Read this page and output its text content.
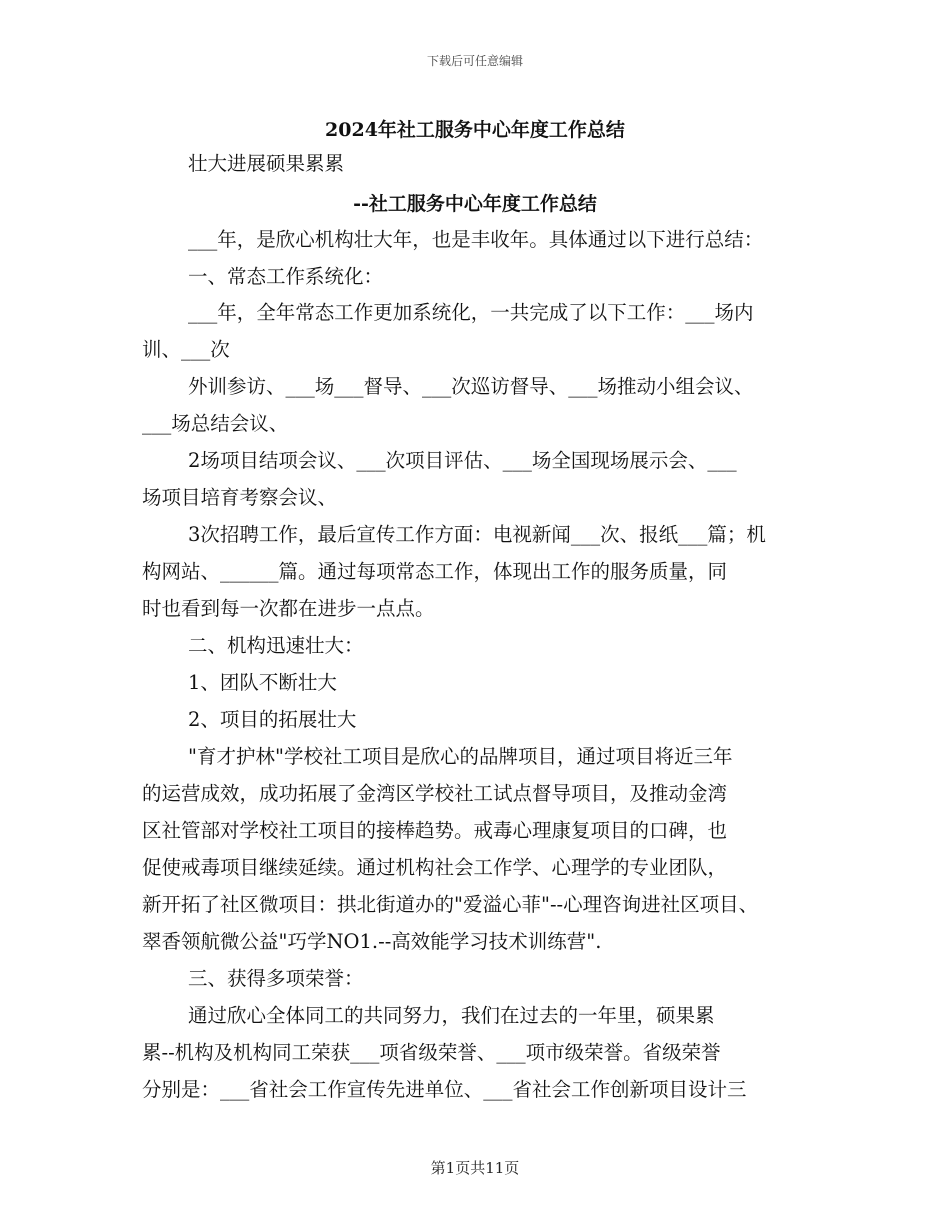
下载后可任意编辑
2024年社工服务中心年度工作总结
壮大进展硕果累累
--社工服务中心年度工作总结
___年，是欣心机构壮大年，也是丰收年。具体通过以下进行总结：
一、常态工作系统化：
___年，全年常态工作更加系统化，一共完成了以下工作：___场内
训、___次
外训参访、___场___督导、___次巡访督导、___场推动小组会议、
___场总结会议、
2场项目结项会议、___次项目评估、___场全国现场展示会、___
场项目培育考察会议、
3次招聘工作，最后宣传工作方面：电视新闻___次、报纸___篇；机
构网站、______篇。通过每项常态工作，体现出工作的服务质量，同
时也看到每一次都在进步一点点。
二、机构迅速壮大：
1、团队不断壮大
2、项目的拓展壮大
"育才护林"学校社工项目是欣心的品牌项目，通过项目将近三年
的运营成效，成功拓展了金湾区学校社工试点督导项目，及推动金湾
区社管部对学校社工项目的接棒趋势。戒毒心理康复项目的口碑，也
促使戒毒项目继续延续。通过机构社会工作学、心理学的专业团队，
新开拓了社区微项目：拱北街道办的"爱溢心菲"--心理咨询进社区项目、
翠香领航微公益"巧学NO1.--高效能学习技术训练营".
三、获得多项荣誉：
通过欣心全体同工的共同努力，我们在过去的一年里，硕果累
累--机构及机构同工荣获___项省级荣誉、___项市级荣誉。省级荣誉
分别是：___省社会工作宣传先进单位、___省社会工作创新项目设计三
第1页共11页
